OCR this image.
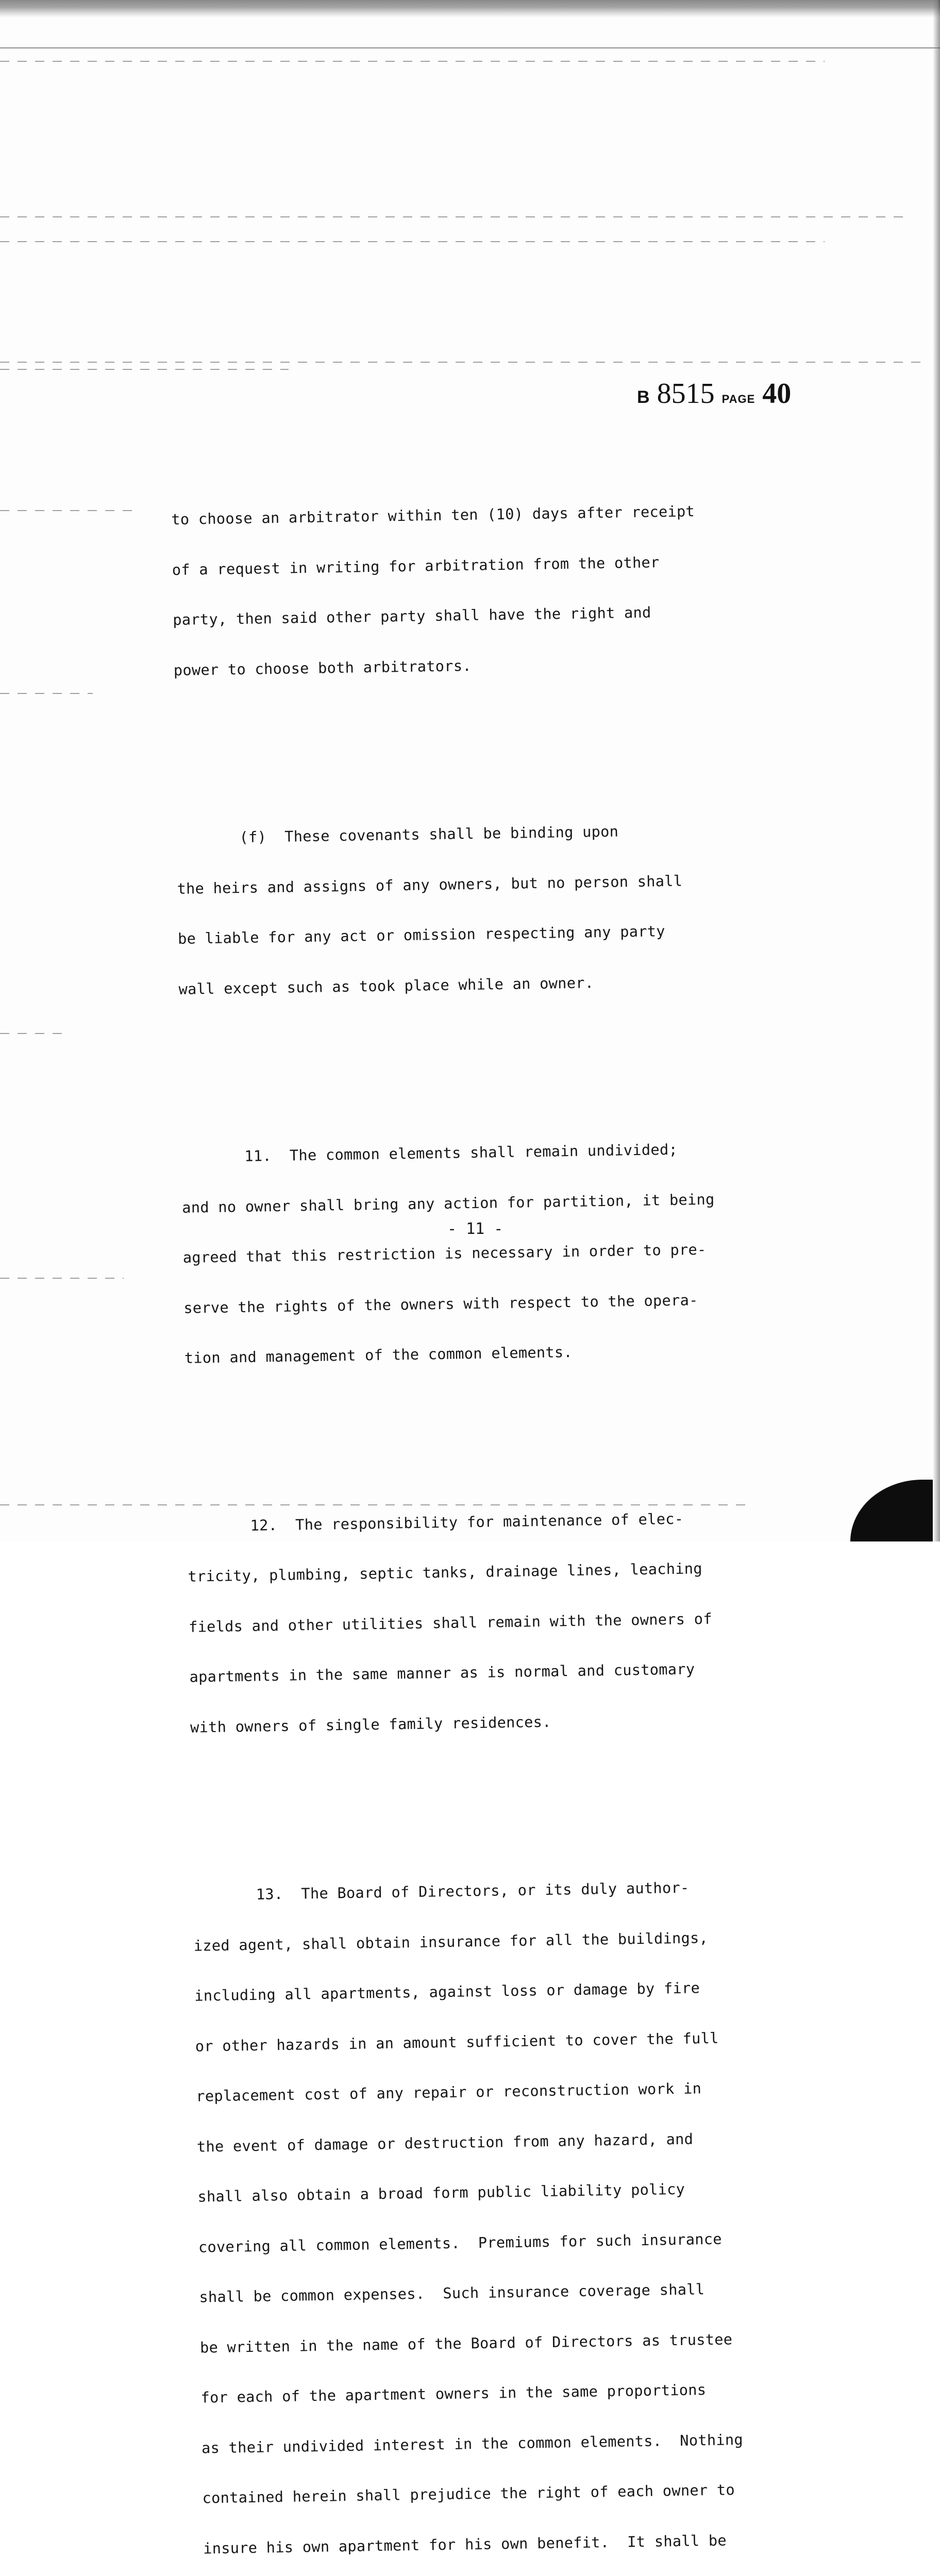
B 8515 PAGE 40

to choose an arbitrator within ten (10) days after receipt

of a request in writing for arbitration from the other

party, then said other party shall have the right and

power to choose both arbitrators.

(f)  These covenants shall be binding upon

the heirs and assigns of any owners, but no person shall

be liable for any act or omission respecting any party

wall except such as took place while an owner.

11.  The common elements shall remain undivided;

and no owner shall bring any action for partition, it being

agreed that this restriction is necessary in order to pre-

serve the rights of the owners with respect to the opera-

tion and management of the common elements.

12.  The responsibility for maintenance of elec-

tricity, plumbing, septic tanks, drainage lines, leaching

fields and other utilities shall remain with the owners of

apartments in the same manner as is normal and customary

with owners of single family residences.

13.  The Board of Directors, or its duly author-

ized agent, shall obtain insurance for all the buildings,

including all apartments, against loss or damage by fire

or other hazards in an amount sufficient to cover the full

replacement cost of any repair or reconstruction work in

the event of damage or destruction from any hazard, and

shall also obtain a broad form public liability policy

covering all common elements.  Premiums for such insurance

shall be common expenses.  Such insurance coverage shall

be written in the name of the Board of Directors as trustee

for each of the apartment owners in the same proportions

as their undivided interest in the common elements.  Nothing

contained herein shall prejudice the right of each owner to

insure his own apartment for his own benefit.  It shall be

- 11 -
